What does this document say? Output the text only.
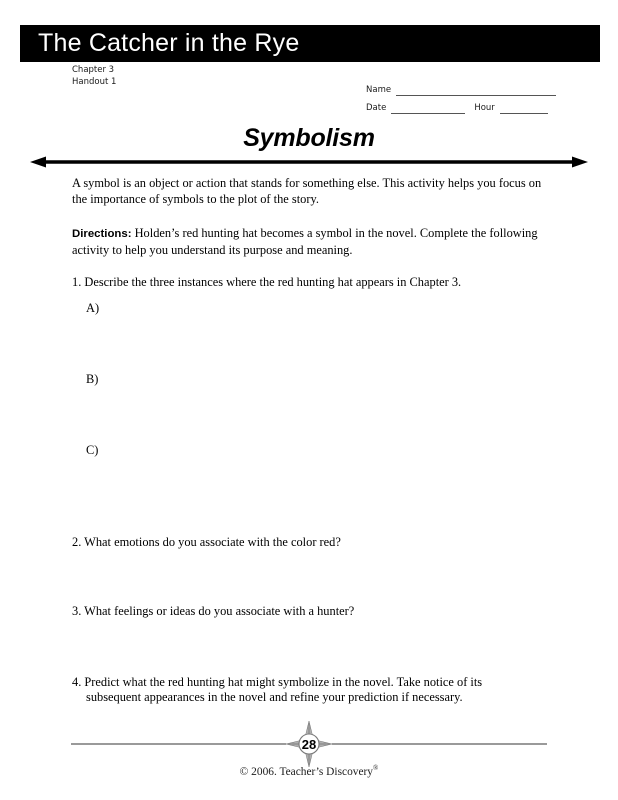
The Catcher in the Rye
Chapter 3
Handout 1
Name
Date	Hour
Symbolism

A symbol is an object or action that stands for something else. This activity helps you focus on the importance of symbols to the plot of the story.

Directions: Holden’s red hunting hat becomes a symbol in the novel. Complete the following activity to help you understand its purpose and meaning.

1. Describe the three instances where the red hunting hat appears in Chapter 3.
A)
B)
C)
2. What emotions do you associate with the color red?
3. What feelings or ideas do you associate with a hunter?
4. Predict what the red hunting hat might symbolize in the novel. Take notice of its
subsequent appearances in the novel and refine your prediction if necessary.
28
© 2006. Teacher’s Discovery®
